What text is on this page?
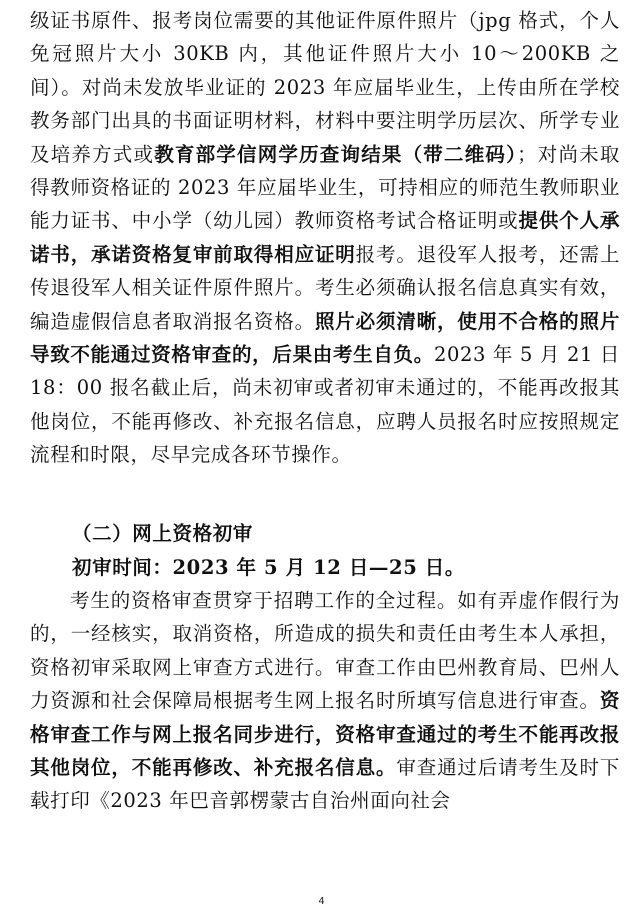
级证书原件、报考岗位需要的其他证件原件照片（jpg 格式，个人免冠照片大小 30KB 内，其他证件照片大小 10～200KB 之间）。对尚未发放毕业证的 2023 年应届毕业生，上传由所在学校教务部门出具的书面证明材料，材料中要注明学历层次、所学专业及培养方式或教育部学信网学历查询结果（带二维码）；对尚未取得教师资格证的 2023 年应届毕业生，可持相应的师范生教师职业能力证书、中小学（幼儿园）教师资格考试合格证明或提供个人承诺书，承诺资格复审前取得相应证明报考。退役军人报考，还需上传退役军人相关证件原件照片。考生必须确认报名信息真实有效，编造虚假信息者取消报名资格。照片必须清晰，使用不合格的照片导致不能通过资格审查的，后果由考生自负。2023 年 5 月 21 日 18：00 报名截止后，尚未初审或者初审未通过的，不能再改报其他岗位，不能再修改、补充报名信息，应聘人员报名时应按照规定流程和时限，尽早完成各环节操作。

（二）网上资格初审

初审时间：2023 年 5 月 12 日—25 日。

考生的资格审查贯穿于招聘工作的全过程。如有弄虚作假行为的，一经核实，取消资格，所造成的损失和责任由考生本人承担，资格初审采取网上审查方式进行。审查工作由巴州教育局、巴州人力资源和社会保障局根据考生网上报名时所填写信息进行审查。资格审查工作与网上报名同步进行，资格审查通过的考生不能再改报其他岗位，不能再修改、补充报名信息。审查通过后请考生及时下载打印《2023 年巴音郭楞蒙古自治州面向社会

4
